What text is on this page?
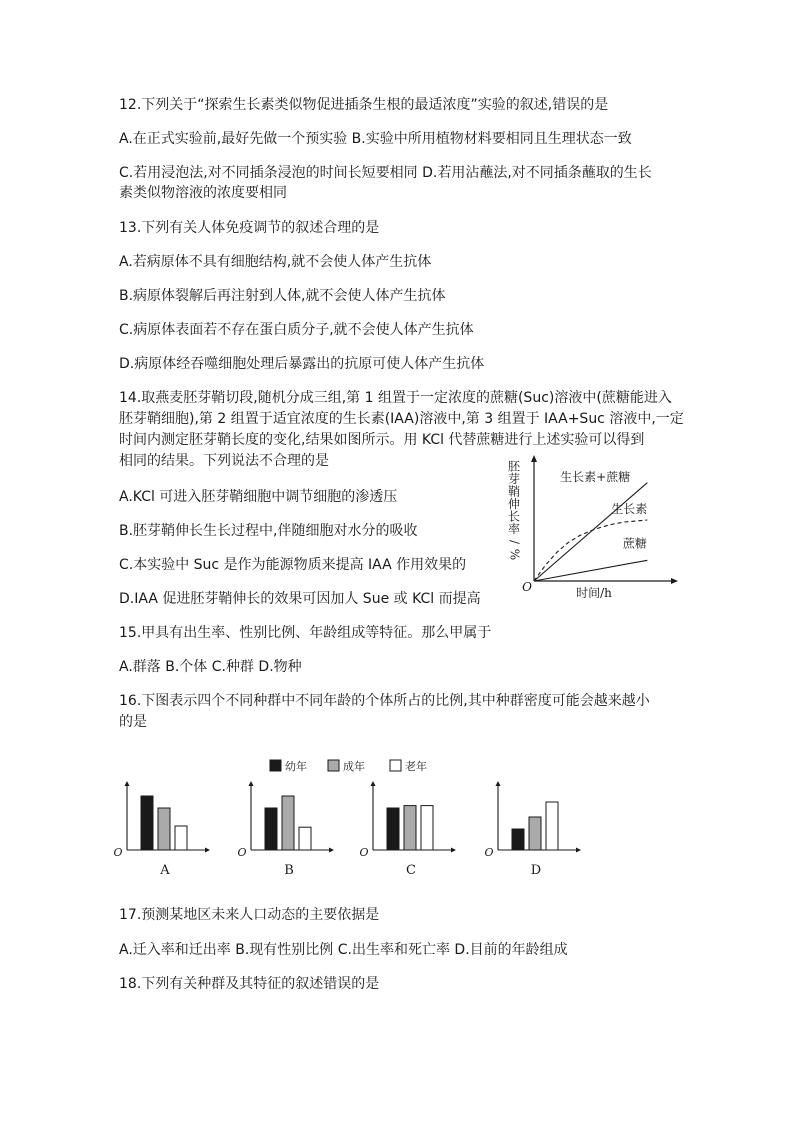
12.下列关于“探索生长素类似物促进插条生根的最适浓度”实验的叙述,错误的是
A.在正式实验前,最好先做一个预实验 B.实验中所用植物材料要相同且生理状态一致
C.若用浸泡法,对不同插条浸泡的时间长短要相同 D.若用沾蘸法,对不同插条蘸取的生长
素类似物溶液的浓度要相同
13.下列有关人体免疫调节的叙述合理的是
A.若病原体不具有细胞结构,就不会使人体产生抗体
B.病原体裂解后再注射到人体,就不会使人体产生抗体
C.病原体表面若不存在蛋白质分子,就不会使人体产生抗体
D.病原体经吞噬细胞处理后暴露出的抗原可使人体产生抗体
14.取燕麦胚芽鞘切段,随机分成三组,第 1 组置于一定浓度的蔗糖(Suc)溶液中(蔗糖能进入
胚芽鞘细胞),第 2 组置于适宜浓度的生长素(IAA)溶液中,第 3 组置于 IAA+Suc 溶液中,一定
时间内测定胚芽鞘长度的变化,结果如图所示。用 KCl 代替蔗糖进行上述实验可以得到
相同的结果。下列说法不合理的是
A.KCl 可进入胚芽鞘细胞中调节细胞的渗透压
B.胚芽鞘伸长生长过程中,伴随细胞对水分的吸收
C.本实验中 Suc 是作为能源物质来提高 IAA 作用效果的
D.IAA 促进胚芽鞘伸长的效果可因加人 Sue 或 KCl 而提高
生长素+蔗糖
生长素
蔗糖
O	时间/h
胚
芽
鞘
伸
长
率
/
%
15.甲具有出生率、性别比例、年龄组成等特征。那么甲属于
A.群落 B.个体 C.种群 D.物种
16.下图表示四个不同种群中不同年龄的个体所占的比例,其中种群密度可能会越来越小
的是
幼年	成年	老年
O
A
O
B
O
C
O
D
17.预测某地区未来人口动态的主要依据是
A.迁入率和迁出率 B.现有性别比例 C.出生率和死亡率 D.目前的年龄组成
18.下列有关种群及其特征的叙述错误的是
